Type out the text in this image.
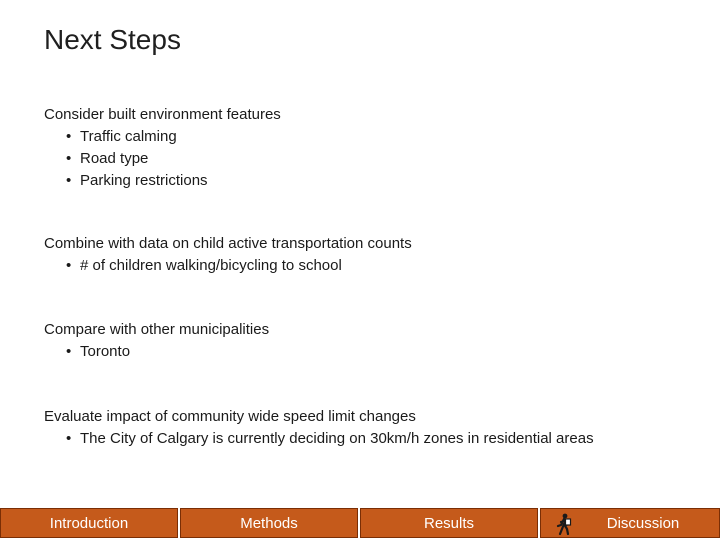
Next Steps
Consider built environment features
• Traffic calming
• Road type
• Parking restrictions
Combine with data on child active transportation counts
• # of children walking/bicycling to school
Compare with other municipalities
• Toronto
Evaluate impact of community wide speed limit changes
• The City of Calgary is currently deciding on 30km/h zones in residential areas
Introduction	Methods	Results	Discussion
